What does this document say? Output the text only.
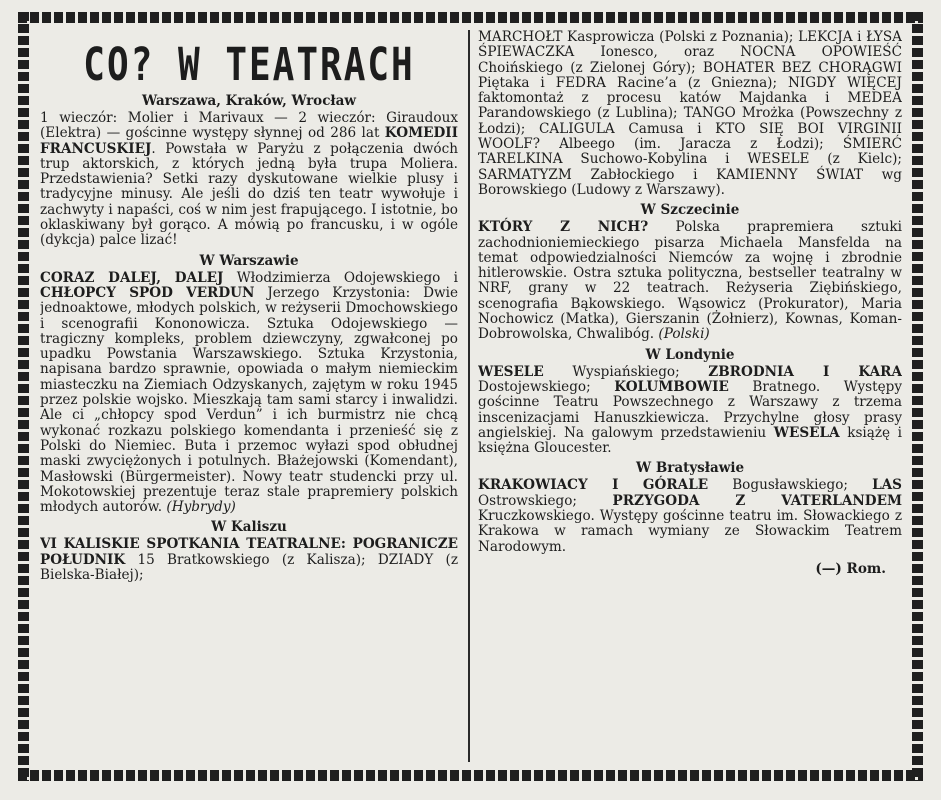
CO? W TEATRACH
Warszawa, Kraków, Wrocław

1 wieczór: Molier i Marivaux — 2 wieczór: Giraudoux (Elektra) — gościnne występy słynnej od 286 lat KOMEDII FRANCUSKIEJ. Powstała w Paryżu z połączenia dwóch trup aktorskich, z których jedną była trupa Moliera. Przedstawienia? Setki razy dyskutowane wielkie plusy i tradycyjne minusy. Ale jeśli do dziś ten teatr wywołuje i zachwyty i napaści, coś w nim jest frapującego. I istotnie, bo oklaskiwany był gorąco. A mówią po francusku, i w ogóle (dykcja) palce lizać!

W Warszawie

CORAZ DALEJ, DALEJ Włodzimierza Odojewskiego i CHŁOPCY SPOD VERDUN Jerzego Krzystonia: Dwie jednoaktowe, młodych polskich, w reżyserii Dmochowskiego i scenografii Kononowicza. Sztuka Odojewskiego — tragiczny kompleks, problem dziewczyny, zgwałconej po upadku Powstania Warszawskiego. Sztuka Krzystonia, napisana bardzo sprawnie, opowiada o małym niemieckim miasteczku na Ziemiach Odzyskanych, zajętym w roku 1945 przez polskie wojsko. Mieszkają tam sami starcy i inwalidzi. Ale ci „chłopcy spod Verdun” i ich burmistrz nie chcą wykonać rozkazu polskiego komendanta i przenieść się z Polski do Niemiec. Buta i przemoc wyłazi spod obłudnej maski zwyciężonych i potulnych. Błażejowski (Komendant), Masłowski (Bürgermeister). Nowy teatr studencki przy ul. Mokotowskiej prezentuje teraz stale prapremiery polskich młodych autorów. (Hybrydy)

W Kaliszu

VI KALISKIE SPOTKANIA TEATRALNE: POGRANICZE POŁUDNIK 15 Bratkowskiego (z Kalisza); DZIADY (z Bielska-Białej);

MARCHOŁT Kasprowicza (Polski z Poznania); LEKCJA i ŁYSA ŚPIEWACZKA Ionesco, oraz NOCNA OPOWIEŚĆ Choińskiego (z Zielonej Góry); BOHATER BEZ CHORĄGWI Piętaka i FEDRA Racine’a (z Gniezna); NIGDY WIĘCEJ faktomontaż z procesu katów Majdanka i MEDEA Parandowskiego (z Lublina); TANGO Mrożka (Powszechny z Łodzi); CALIGULA Camusa i KTO SIĘ BOI VIRGINII WOOLF? Albeego (im. Jaracza z Łodzi); ŚMIERĆ TARELKINA Suchowo-Kobylina i WESELE (z Kielc); SARMATYZM Zabłockiego i KAMIENNY ŚWIAT wg Borowskiego (Ludowy z Warszawy).

W Szczecinie

KTÓRY Z NICH? Polska prapremiera sztuki zachodnioniemieckiego pisarza Michaela Mansfelda na temat odpowiedzialności Niemców za wojnę i zbrodnie hitlerowskie. Ostra sztuka polityczna, bestseller teatralny w NRF, grany w 22 teatrach. Reżyseria Ziębińskiego, scenografia Bąkowskiego. Wąsowicz (Prokurator), Maria Nochowicz (Matka), Gierszanin (Żołnierz), Kownas, Koman-Dobrowolska, Chwalibóg. (Polski)

W Londynie

WESELE Wyspiańskiego; ZBRODNIA I KARA Dostojewskiego; KOLUMBOWIE Bratnego. Występy gościnne Teatru Powszechnego z Warszawy z trzema inscenizacjami Hanuszkiewicza. Przychylne głosy prasy angielskiej. Na galowym przedstawieniu WESELA książę i księżna Gloucester.

W Bratysławie

KRAKOWIACY I GÓRALE Bogusławskiego; LAS Ostrowskiego; PRZYGODA Z VATERLANDEM Kruczkowskiego. Występy gościnne teatru im. Słowackiego z Krakowa w ramach wymiany ze Słowackim Teatrem Narodowym.

(—) Rom.
